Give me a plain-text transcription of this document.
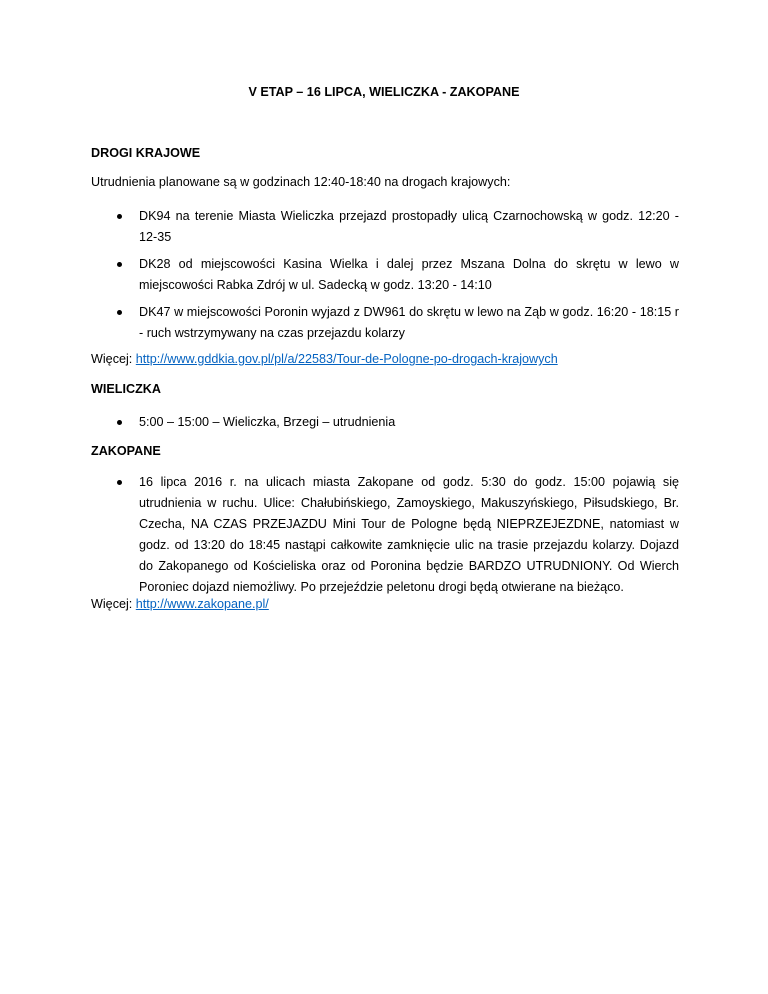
V ETAP – 16 LIPCA, WIELICZKA - ZAKOPANE
DROGI KRAJOWE
Utrudnienia planowane są w godzinach 12:40-18:40 na drogach krajowych:
DK94 na terenie Miasta Wieliczka przejazd prostopadły ulicą Czarnochowską w godz. 12:20 - 12-35
DK28 od miejscowości Kasina Wielka i dalej przez Mszana Dolna do skrętu w lewo w miejscowości Rabka Zdrój w ul. Sadecką w godz. 13:20 - 14:10
DK47 w miejscowości Poronin wyjazd z DW961 do skrętu w lewo na Ząb w godz. 16:20 - 18:15 r - ruch wstrzymywany na czas przejazdu kolarzy
Więcej: http://www.gddkia.gov.pl/pl/a/22583/Tour-de-Pologne-po-drogach-krajowych
WIELICZKA
5:00 – 15:00 – Wieliczka, Brzegi – utrudnienia
ZAKOPANE
16 lipca 2016 r. na ulicach miasta Zakopane od godz. 5:30 do godz. 15:00 pojawią się utrudnienia w ruchu. Ulice: Chałubińskiego, Zamoyskiego, Makuszyńskiego, Piłsudskiego, Br. Czecha, NA CZAS PRZEJAZDU Mini Tour de Pologne będą NIEPRZEJEZDNE, natomiast w godz. od 13:20 do 18:45 nastąpi całkowite zamknięcie ulic na trasie przejazdu kolarzy. Dojazd do Zakopanego od Kościeliska oraz od Poronina będzie BARDZO UTRUDNIONY. Od Wierch Poroniec dojazd niemożliwy. Po przejeździe peletonu drogi będą otwierane na bieżąco.
Więcej: http://www.zakopane.pl/
